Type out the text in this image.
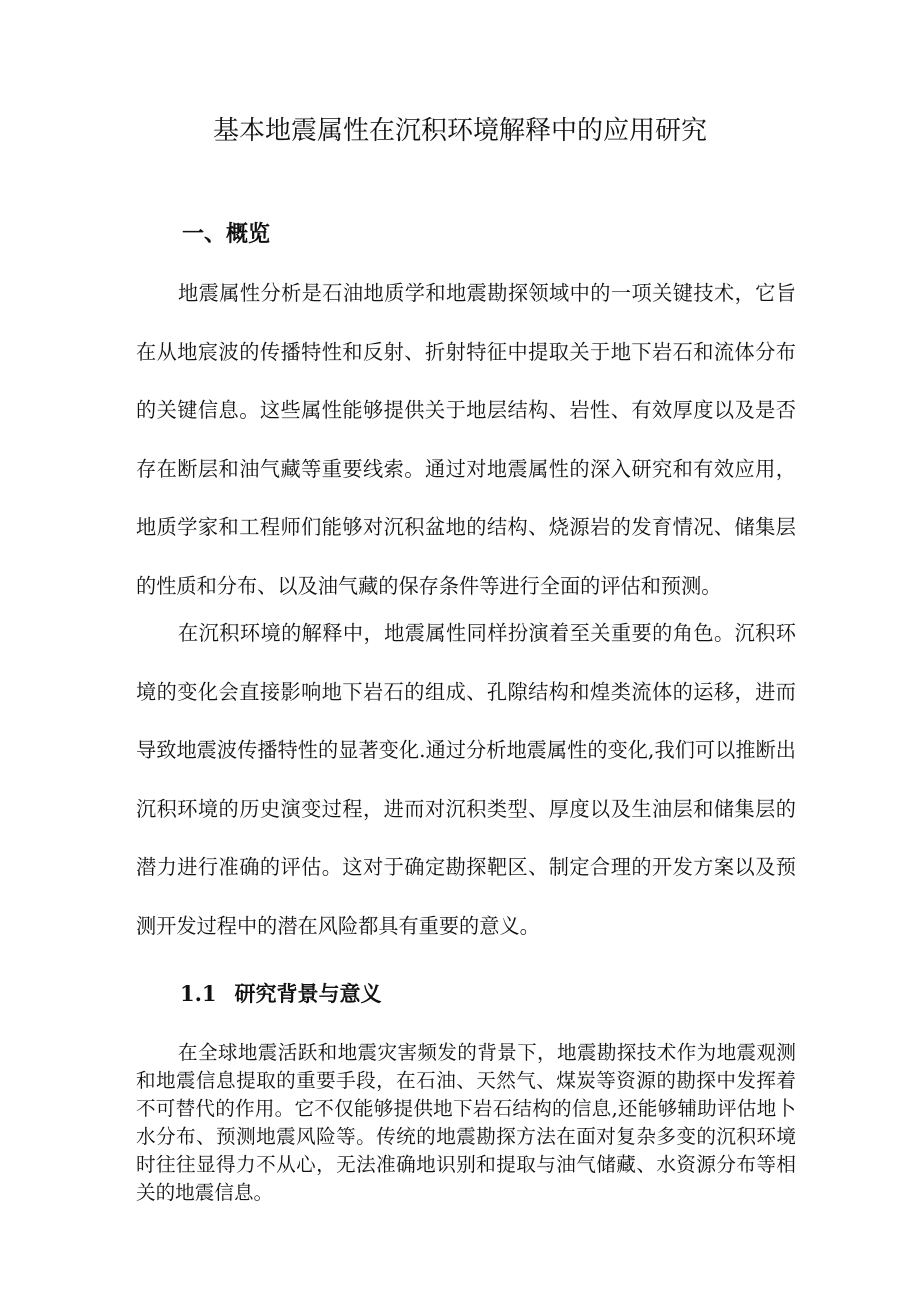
基本地震属性在沉积环境解释中的应用研究
一、概览

地震属性分析是石油地质学和地震勘探领域中的一项关键技术，它旨在从地宸波的传播特性和反射、折射特征中提取关于地下岩石和流体分布的关键信息。这些属性能够提供关于地层结构、岩性、有效厚度以及是否存在断层和油气藏等重要线索。通过对地震属性的深入研究和有效应用，地质学家和工程师们能够对沉积盆地的结构、烧源岩的发育情况、储集层的性质和分布、以及油气藏的保存条件等进行全面的评估和预测。

在沉积环境的解释中，地震属性同样扮演着至关重要的角色。沉积环境的变化会直接影响地下岩石的组成、孔隙结构和煌类流体的运移，进而导致地震波传播特性的显著变化.通过分析地震属性的变化,我们可以推断出沉积环境的历史演变过程，进而对沉积类型、厚度以及生油层和储集层的潜力进行准确的评估。这对于确定勘探靶区、制定合理的开发方案以及预测开发过程中的潜在风险都具有重要的意义。

1.1 研究背景与意义

在全球地震活跃和地震灾害频发的背景下，地震勘探技术作为地震观测和地震信息提取的重要手段，在石油、天然气、煤炭等资源的勘探中发挥着不可替代的作用。它不仅能够提供地下岩石结构的信息,还能够辅助评估地卜水分布、预测地震风险等。传统的地震勘探方法在面对复杂多变的沉积环境时往往显得力不从心，无法准确地识别和提取与油气储藏、水资源分布等相关的地震信息。
